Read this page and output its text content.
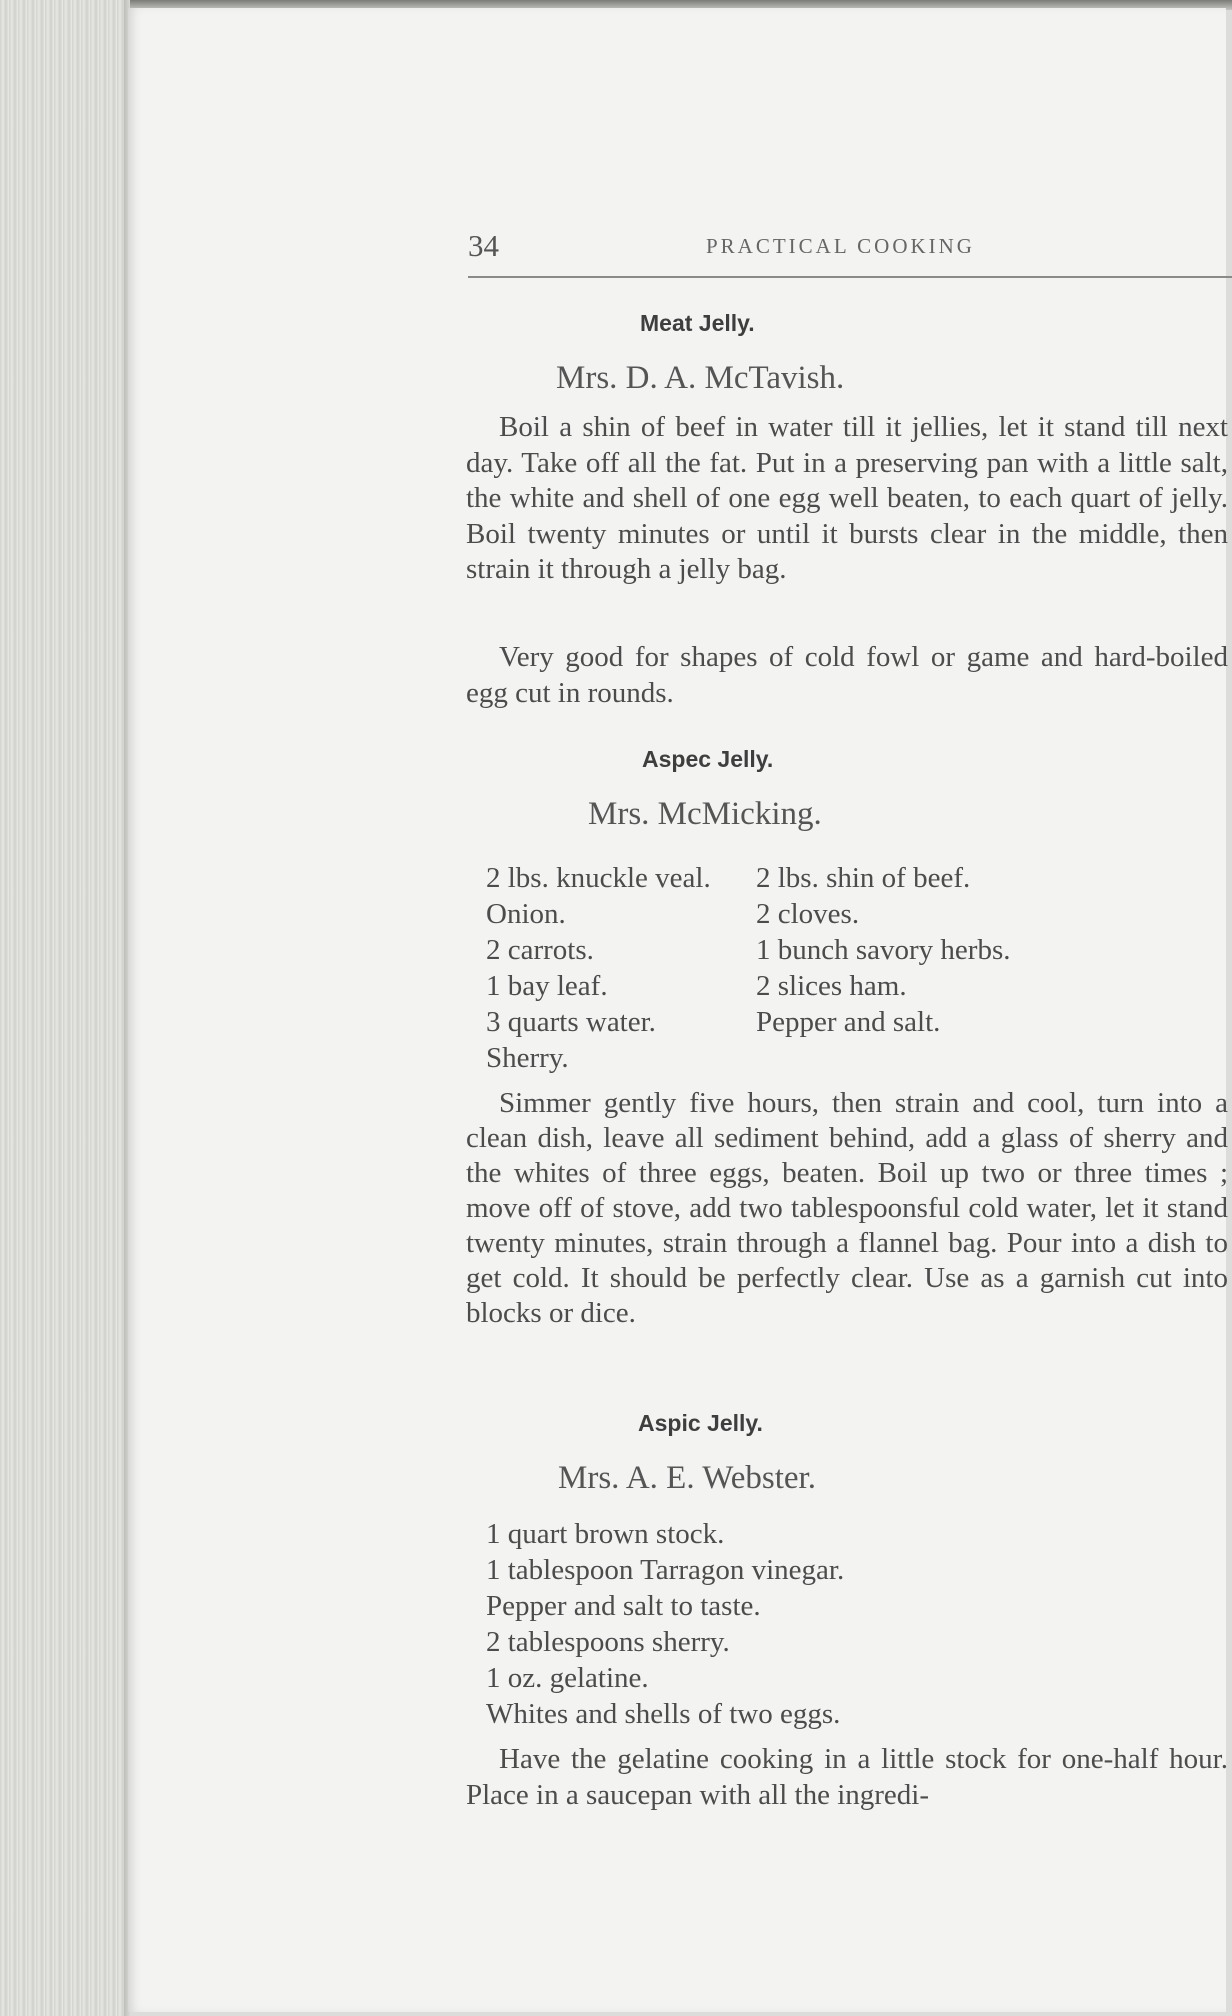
34	PRACTICAL COOKING
Meat Jelly.
Mrs. D. A. McTavish.

Boil a shin of beef in water till it jellies, let it stand till next day. Take off all the fat. Put in a preserving pan with a little salt, the white and shell of one egg well beaten, to each quart of jelly. Boil twenty minutes or until it bursts clear in the middle, then strain it through a jelly bag.

Very good for shapes of cold fowl or game and hard-boiled egg cut in rounds.

Aspec Jelly.
Mrs. McMicking.
2 lbs. knuckle veal.
Onion.
2 carrots.
1 bay leaf.
3 quarts water.
Sherry.
2 lbs. shin of beef.
2 cloves.
1 bunch savory herbs.
2 slices ham.
Pepper and salt.

Simmer gently five hours, then strain and cool, turn into a clean dish, leave all sediment behind, add a glass of sherry and the whites of three eggs, beaten. Boil up two or three times ; move off of stove, add two tablespoonsful cold water, let it stand twenty minutes, strain through a flannel bag. Pour into a dish to get cold. It should be perfectly clear. Use as a garnish cut into blocks or dice.

Aspic Jelly.
Mrs. A. E. Webster.
1 quart brown stock.
1 tablespoon Tarragon vinegar.
Pepper and salt to taste.
2 tablespoons sherry.
1 oz. gelatine.
Whites and shells of two eggs.

Have the gelatine cooking in a little stock for one-half hour. Place in a saucepan with all the ingredi-
